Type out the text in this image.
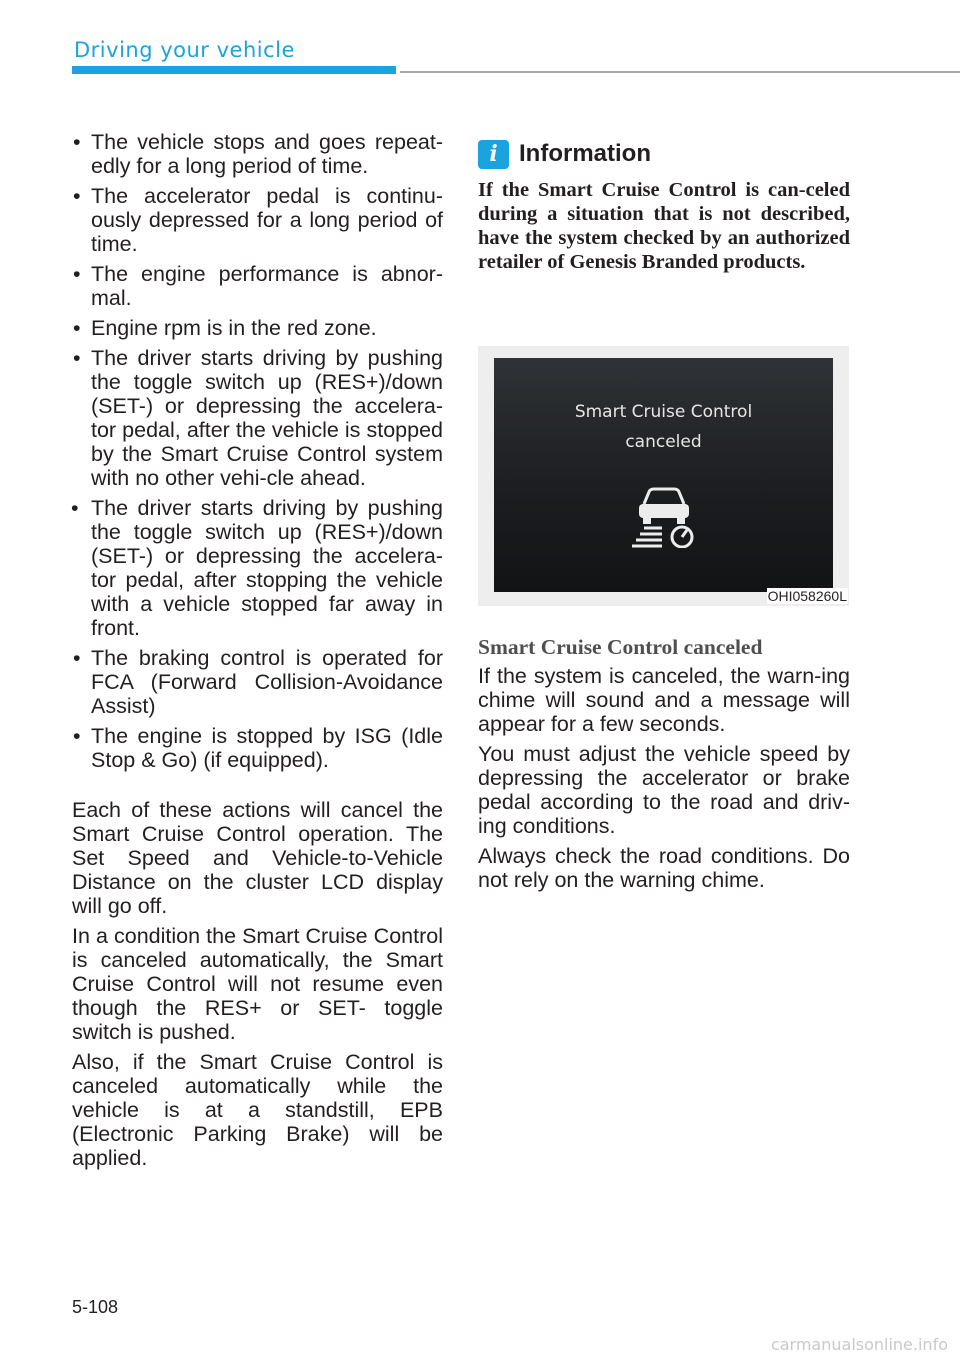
Driving your vehicle
• The vehicle stops and goes repeat-edly for a long period of time.
• The accelerator pedal is continu-ously depressed for a long period of time.
• The engine performance is abnor-mal.
• Engine rpm is in the red zone.
• The driver starts driving by pushing the toggle switch up (RES+)/down (SET-) or depressing the accelera-tor pedal, after the vehicle is stopped by the Smart Cruise Control system with no other vehi-cle ahead.
• The driver starts driving by pushing the toggle switch up (RES+)/down (SET-) or depressing the accelera-tor pedal, after stopping the vehicle with a vehicle stopped far away in front.
• The braking control is operated for FCA (Forward Collision-Avoidance Assist)
• The engine is stopped by ISG (Idle Stop & Go) (if equipped).

Each of these actions will cancel the Smart Cruise Control operation. The Set Speed and Vehicle-to-Vehicle Distance on the cluster LCD display will go off.

In a condition the Smart Cruise Control is canceled automatically, the Smart Cruise Control will not resume even though the RES+ or SET- toggle switch is pushed.

Also, if the Smart Cruise Control is canceled automatically while the vehicle is at a standstill, EPB (Electronic Parking Brake) will be applied.

i Information
If the Smart Cruise Control is can-celed during a situation that is not described, have the system checked by an authorized retailer of Genesis Branded products.
Smart Cruise Control
canceled
OHI058260L
Smart Cruise Control canceled

If the system is canceled, the warn-ing chime will sound and a message will appear for a few seconds.

You must adjust the vehicle speed by depressing the accelerator or brake pedal according to the road and driv-ing conditions.

Always check the road conditions. Do not rely on the warning chime.

5-108
carmanualsonline.info
